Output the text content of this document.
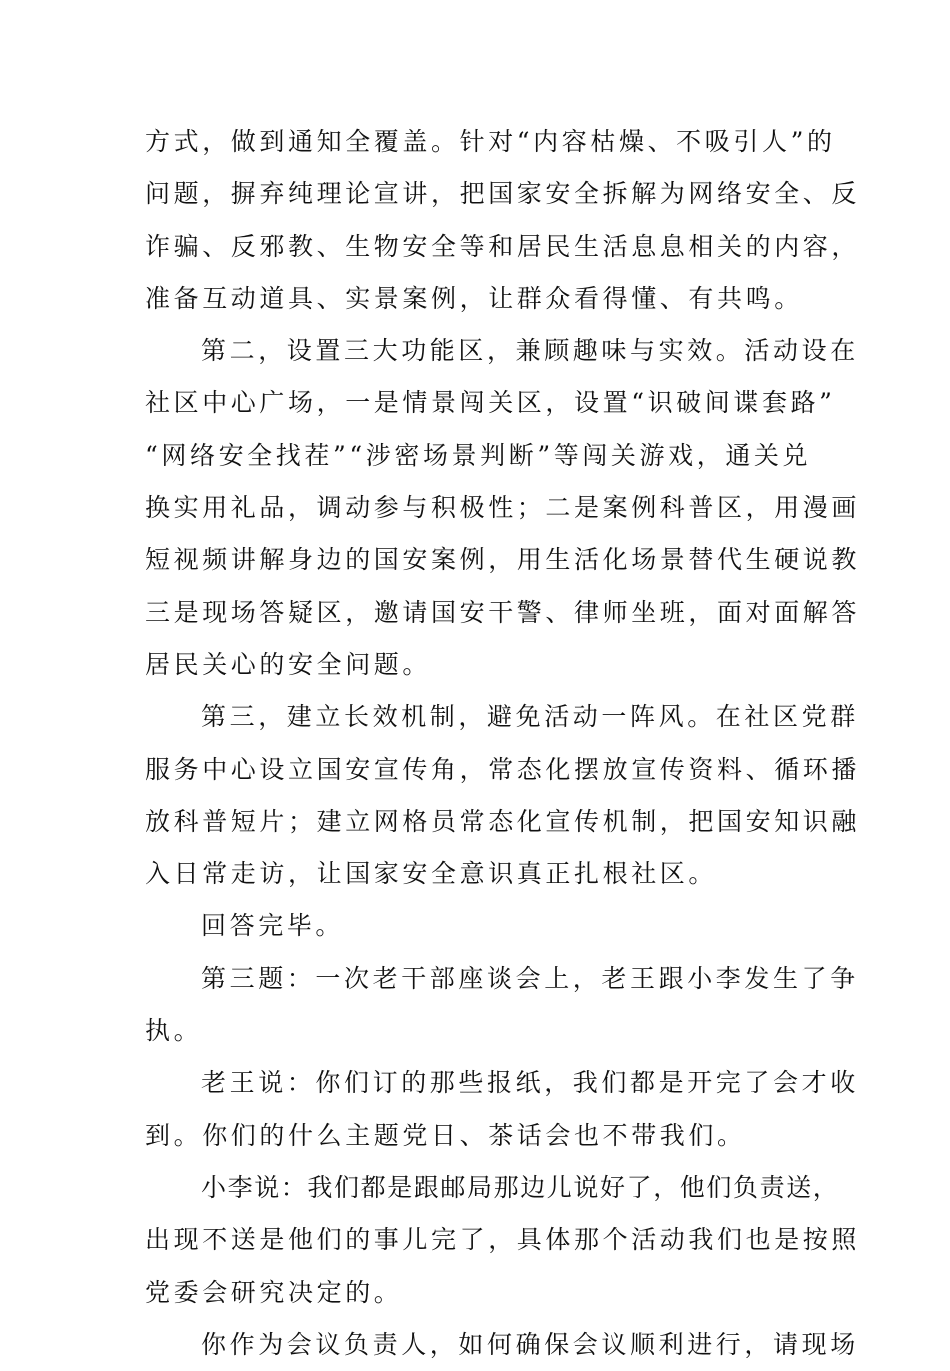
方式，做到通知全覆盖。针对“内容枯燥、不吸引人”的
问题，摒弃纯理论宣讲，把国家安全拆解为网络安全、反
诈骗、反邪教、生物安全等和居民生活息息相关的内容，
准备互动道具、实景案例，让群众看得懂、有共鸣。
第二，设置三大功能区，兼顾趣味与实效。活动设在
社区中心广场，一是情景闯关区，设置“识破间谍套路”
“网络安全找茬”“涉密场景判断”等闯关游戏，通关兑
换实用礼品，调动参与积极性；二是案例科普区，用漫画
短视频讲解身边的国安案例，用生活化场景替代生硬说教
三是现场答疑区，邀请国安干警、律师坐班，面对面解答
居民关心的安全问题。
第三，建立长效机制，避免活动一阵风。在社区党群
服务中心设立国安宣传角，常态化摆放宣传资料、循环播
放科普短片；建立网格员常态化宣传机制，把国安知识融
入日常走访，让国家安全意识真正扎根社区。
回答完毕。
第三题：一次老干部座谈会上，老王跟小李发生了争
执。
老王说：你们订的那些报纸，我们都是开完了会才收
到。你们的什么主题党日、茶话会也不带我们。
小李说：我们都是跟邮局那边儿说好了，他们负责送，
出现不送是他们的事儿完了，具体那个活动我们也是按照
党委会研究决定的。
你作为会议负责人，如何确保会议顺利进行，请现场
